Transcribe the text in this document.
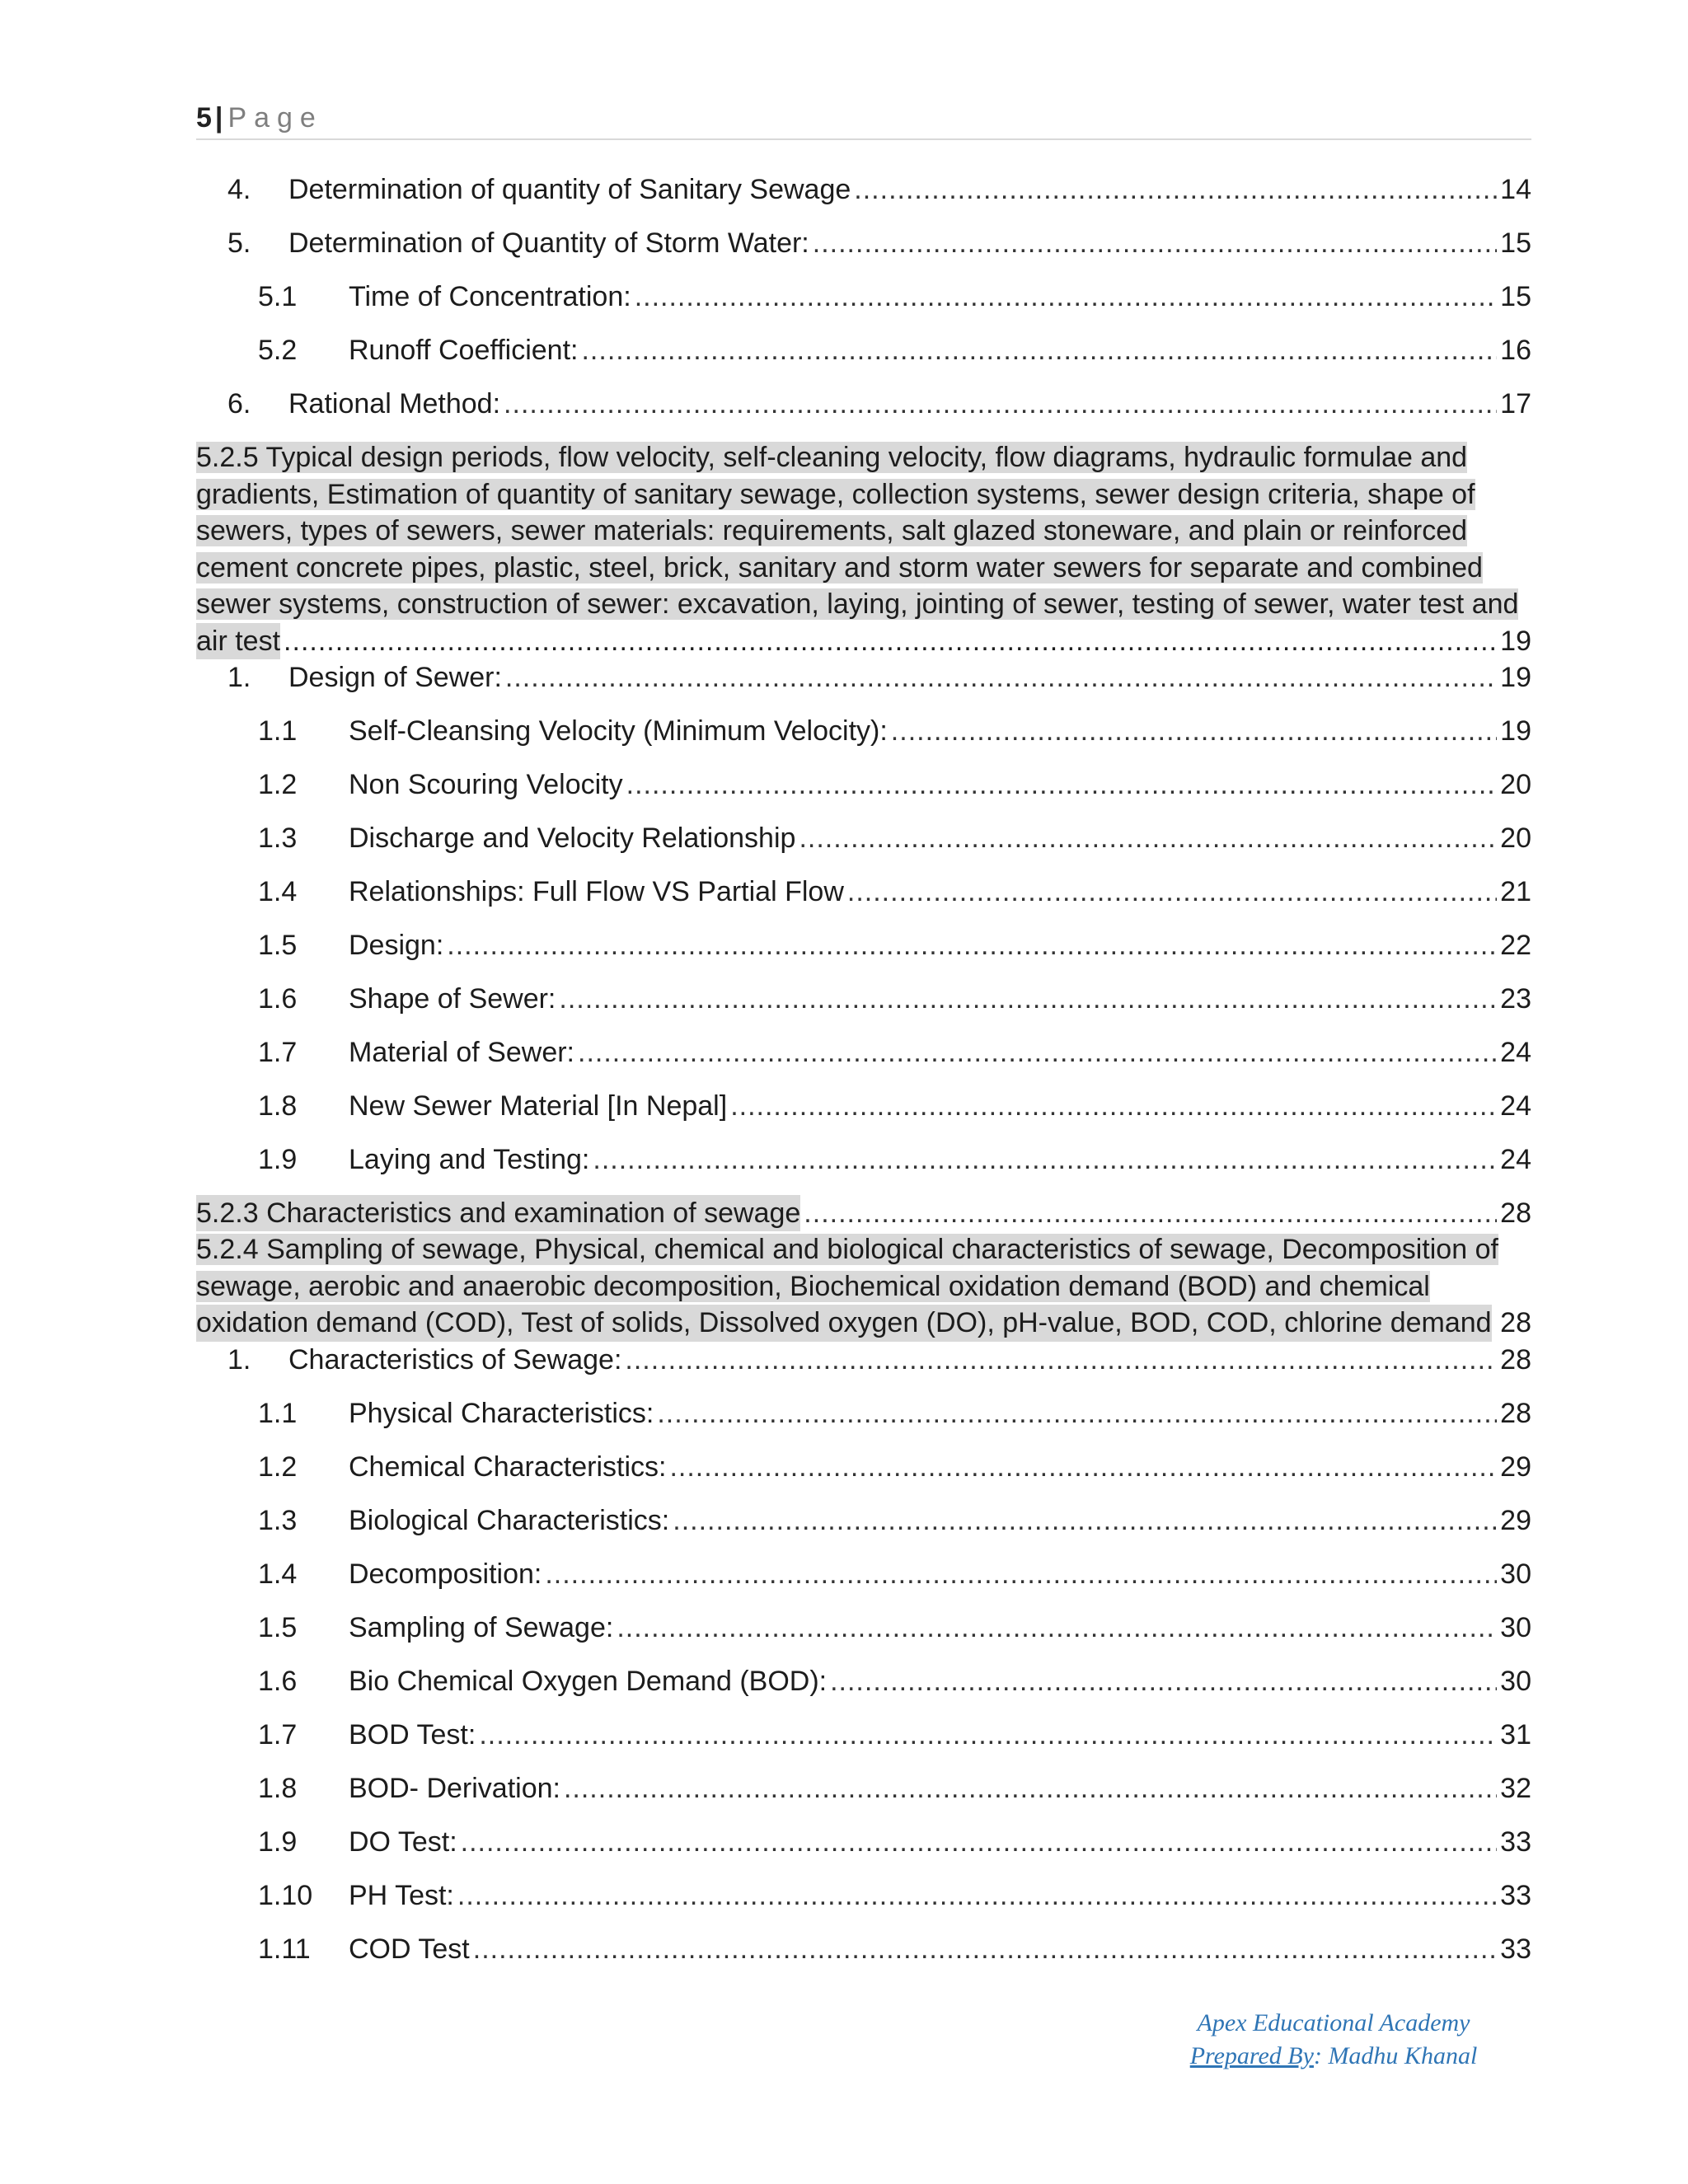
5 | Page
4.	Determination of quantity of Sanitary Sewage .....	14
5.	Determination of Quantity of Storm Water: .....	15
5.1	Time of Concentration: .....	15
5.2	Runoff Coefficient: .....	16
6.	Rational Method: .....	17
5.2.5 Typical design periods, flow velocity, self-cleaning velocity, flow diagrams, hydraulic formulae and gradients, Estimation of quantity of sanitary sewage, collection systems, sewer design criteria, shape of sewers, types of sewers, sewer materials: requirements, salt glazed stoneware, and plain or reinforced cement concrete pipes, plastic, steel, brick, sanitary and storm water sewers for separate and combined sewer systems, construction of sewer: excavation, laying, jointing of sewer, testing of sewer, water test and
air test .....	19
1.	Design of Sewer: .....	19
1.1	Self-Cleansing Velocity (Minimum Velocity): .....	19
1.2	Non Scouring Velocity .....	20
1.3	Discharge and Velocity Relationship .....	20
1.4	Relationships: Full Flow VS Partial Flow .....	21
1.5	Design: .....	22
1.6	Shape of Sewer: .....	23
1.7	Material of Sewer: .....	24
1.8	New Sewer Material [In Nepal] .....	24
1.9	Laying and Testing: .....	24
5.2.3 Characteristics and examination of sewage .....	28
5.2.4 Sampling of sewage, Physical, chemical and biological characteristics of sewage, Decomposition of sewage, aerobic and anaerobic decomposition, Biochemical oxidation demand (BOD) and chemical
oxidation demand (COD), Test of solids, Dissolved oxygen (DO), pH-value, BOD, COD, chlorine demand ..... 28
1.	Characteristics of Sewage: .....	28
1.1	Physical Characteristics: .....	28
1.2	Chemical Characteristics: .....	29
1.3	Biological Characteristics: .....	29
1.4	Decomposition: .....	30
1.5	Sampling of Sewage: .....	30
1.6	Bio Chemical Oxygen Demand (BOD): .....	30
1.7	BOD Test: .....	31
1.8	BOD- Derivation: .....	32
1.9	DO Test: .....	33
1.10	PH Test: .....	33
1.11	COD Test .....	33
Apex Educational Academy
Prepared By: Madhu Khanal
